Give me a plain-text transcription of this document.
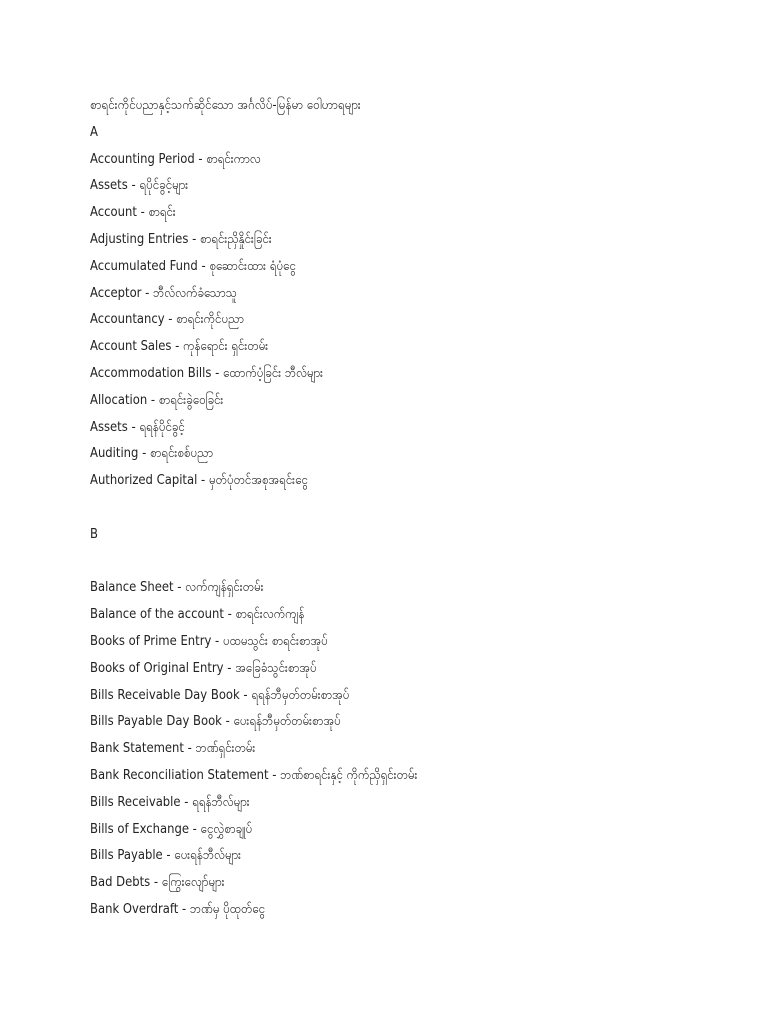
စာရင်းကိုင်ပညာနှင့်သက်ဆိုင်သော အင်္ဂလိပ်-မြန်မာ ဝေါဟာရများ
A
Accounting Period - စာရင်းကာလ
Assets - ရပိုင်ခွင့်များ
Account - စာရင်း
Adjusting Entries - စာရင်းညှိနှိုင်းခြင်း
Accumulated Fund - စုဆောင်းထား ရံပုံငွေ
Acceptor - ဘီလ်လက်ခံသောသူ
Accountancy - စာရင်းကိုင်ပညာ
Account Sales - ကုန်ရောင်း ရှင်းတမ်း
Accommodation Bills - ထောက်ပံ့ခြင်း ဘီလ်များ
Allocation - စာရင်းခွဲဝေခြင်း
Assets - ရရန်ပိုင်ခွင့်
Auditing - စာရင်းစစ်ပညာ
Authorized Capital - မှတ်ပုံတင်အစုအရင်းငွေ
B
Balance Sheet - လက်ကျန်ရှင်းတမ်း
Balance of the account - စာရင်းလက်ကျန်
Books of Prime Entry - ပထမသွင်း စာရင်းစာအုပ်
Books of Original Entry - အခြေခံသွင်းစာအုပ်
Bills Receivable Day Book - ရရန်ဘီမှတ်တမ်းစာအုပ်
Bills Payable Day Book - ပေးရန်ဘီမှတ်တမ်းစာအုပ်
Bank Statement - ဘဏ်ရှင်းတမ်း
Bank Reconciliation Statement - ဘဏ်စာရင်းနှင့် ကိုက်ညှိရှင်းတမ်း
Bills Receivable - ရရန်ဘီလ်များ
Bills of Exchange - ငွေလွှဲစာချုပ်
Bills Payable - ပေးရန်ဘီလ်များ
Bad Debts - ကြွေးလျော်များ
Bank Overdraft - ဘဏ်မှ ပိုထုတ်ငွေ
